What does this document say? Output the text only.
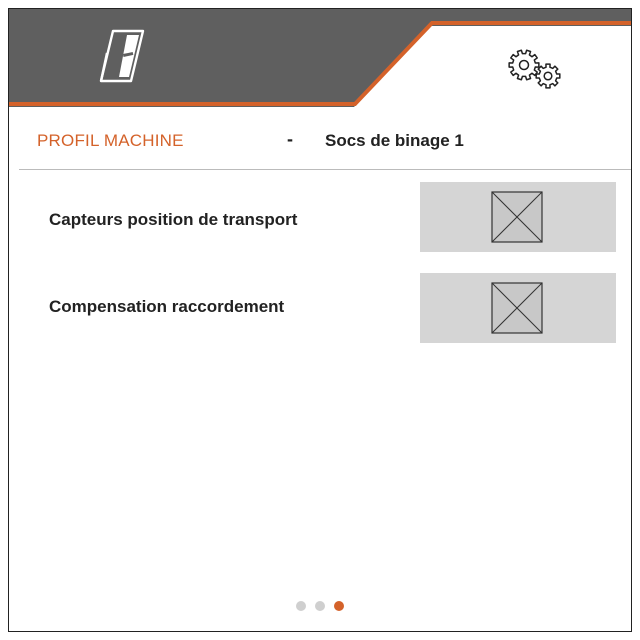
PROFIL MACHINE	- Socs de binage 1
Capteurs position de transport
Compensation raccordement
